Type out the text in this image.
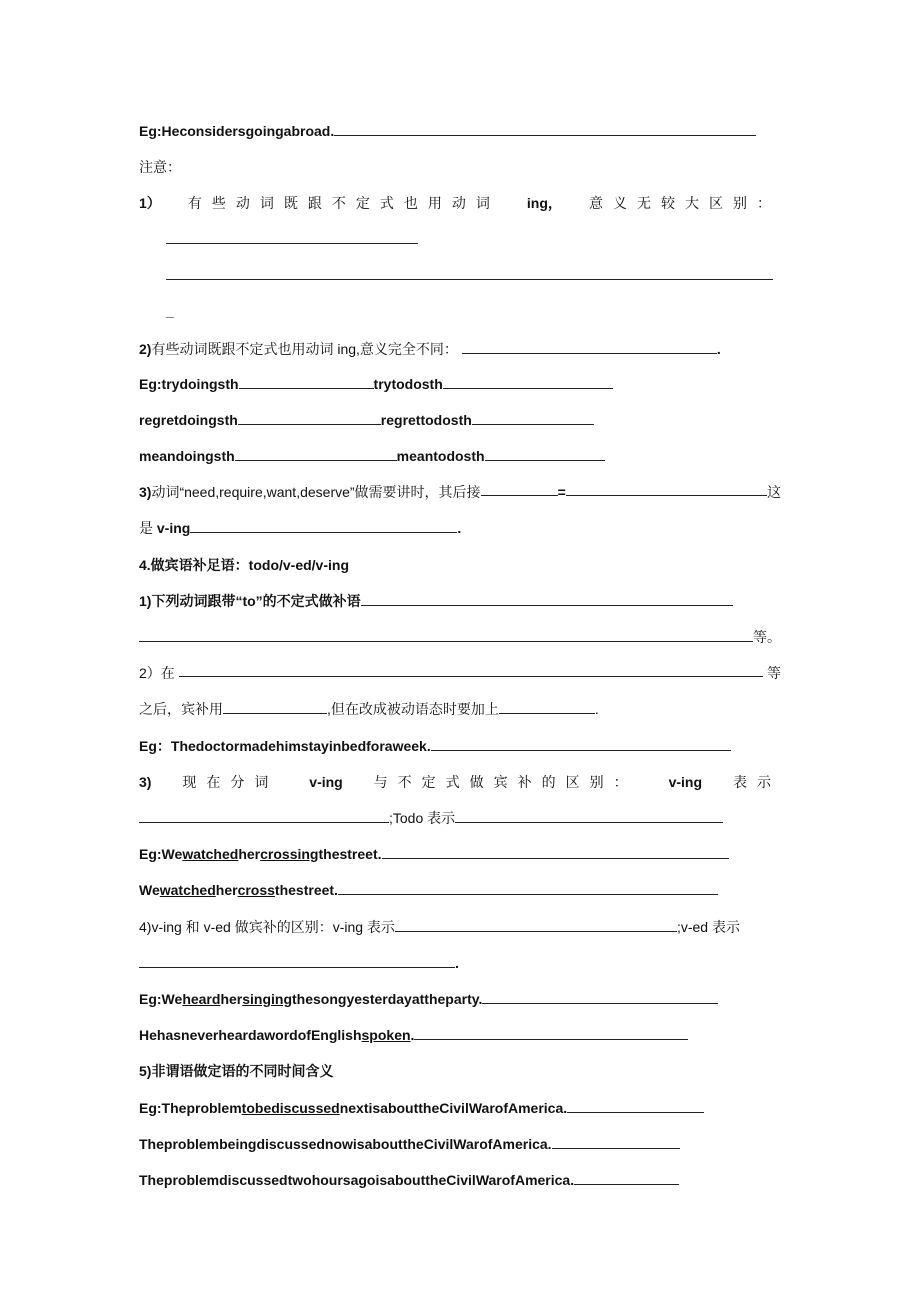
Eg:Heconsidersgoingabroad.
注意：
1） 有些动词既跟不定式也用动词 ing， 意义无较大区别：
_
2)有些动词既跟不定式也用动词 ing,意义完全不同：	.
Eg:trydoingsth	trytodosth
regretdoingsth	regrettodosth
meandoingsth	meantodosth
3) 动词“need,require,want,deserve”做需要讲时，其后接	=	这
是 v-ing	.
4.做宾语补足语：todo/v-ed/v-ing
1)下列动词跟带“to”的不定式做补语
等。
2）在	等
之后，宾补用	,但在改成被动语态时要加上	.
Eg：Thedoctormadehimstayinbedforaweek.
3) 现在分词 v-ing 与不定式做宾补的区别： v-ing 表示
;Todo 表示
Eg:Wewatchedhercrossingthestreet.
Wewatchedhercrossthestreet.
4)v-ing 和 v-ed 做宾补的区别：v-ing 表示	;v-ed 表示
.
Eg:Weheardhersingingthesongyesterdayattheparty.
HehasneverheardawordofEnglishspoken.
5)非谓语做定语的不同时间含义
Eg:TheproblemtobediscussednextisabouttheCivilWarofAmerica.
TheproblembeingdiscussednowisabouttheCivilWarofAmerica.
TheproblemdiscussedtwohoursagoisabouttheCivilWarofAmerica.
